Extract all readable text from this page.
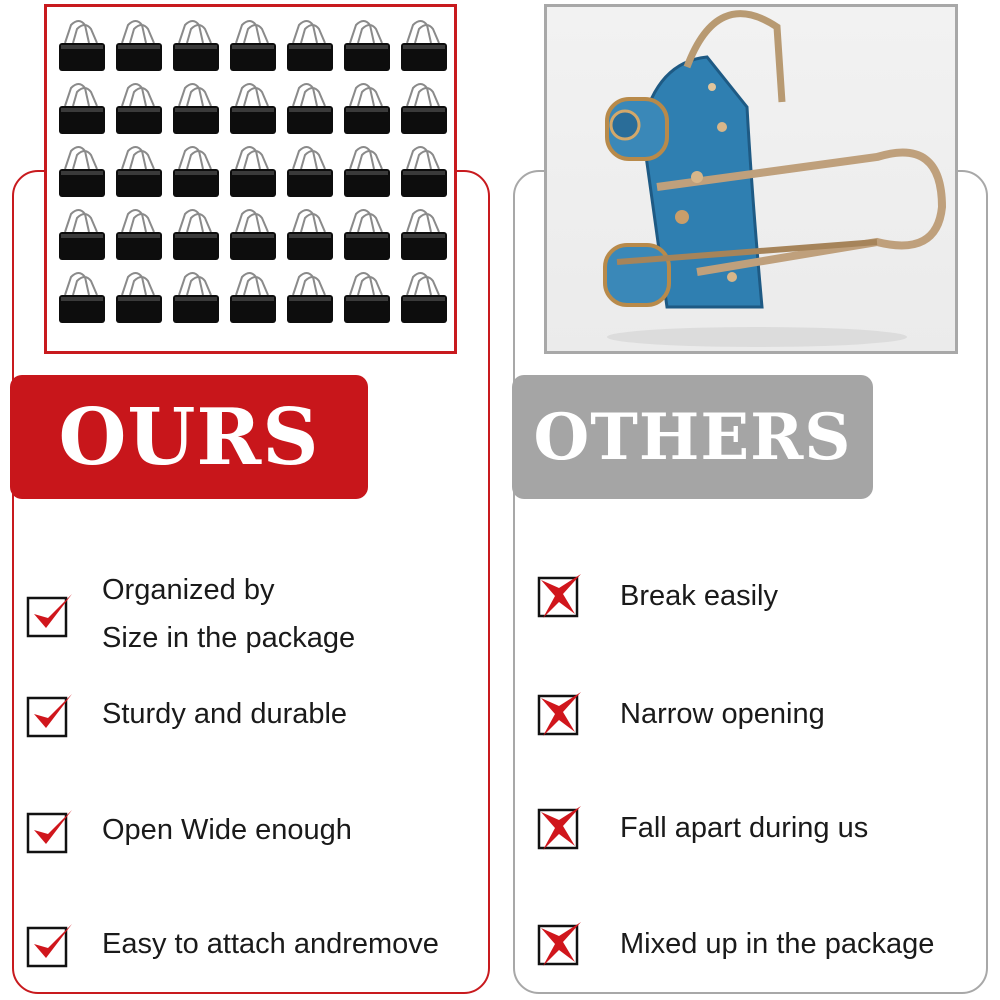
OURS	OTHERS
Organized by
Size in the package
Sturdy and durable
Open Wide enough
Easy to attach andremove
Break easily
Narrow opening
Fall apart during us
Mixed up in the package
